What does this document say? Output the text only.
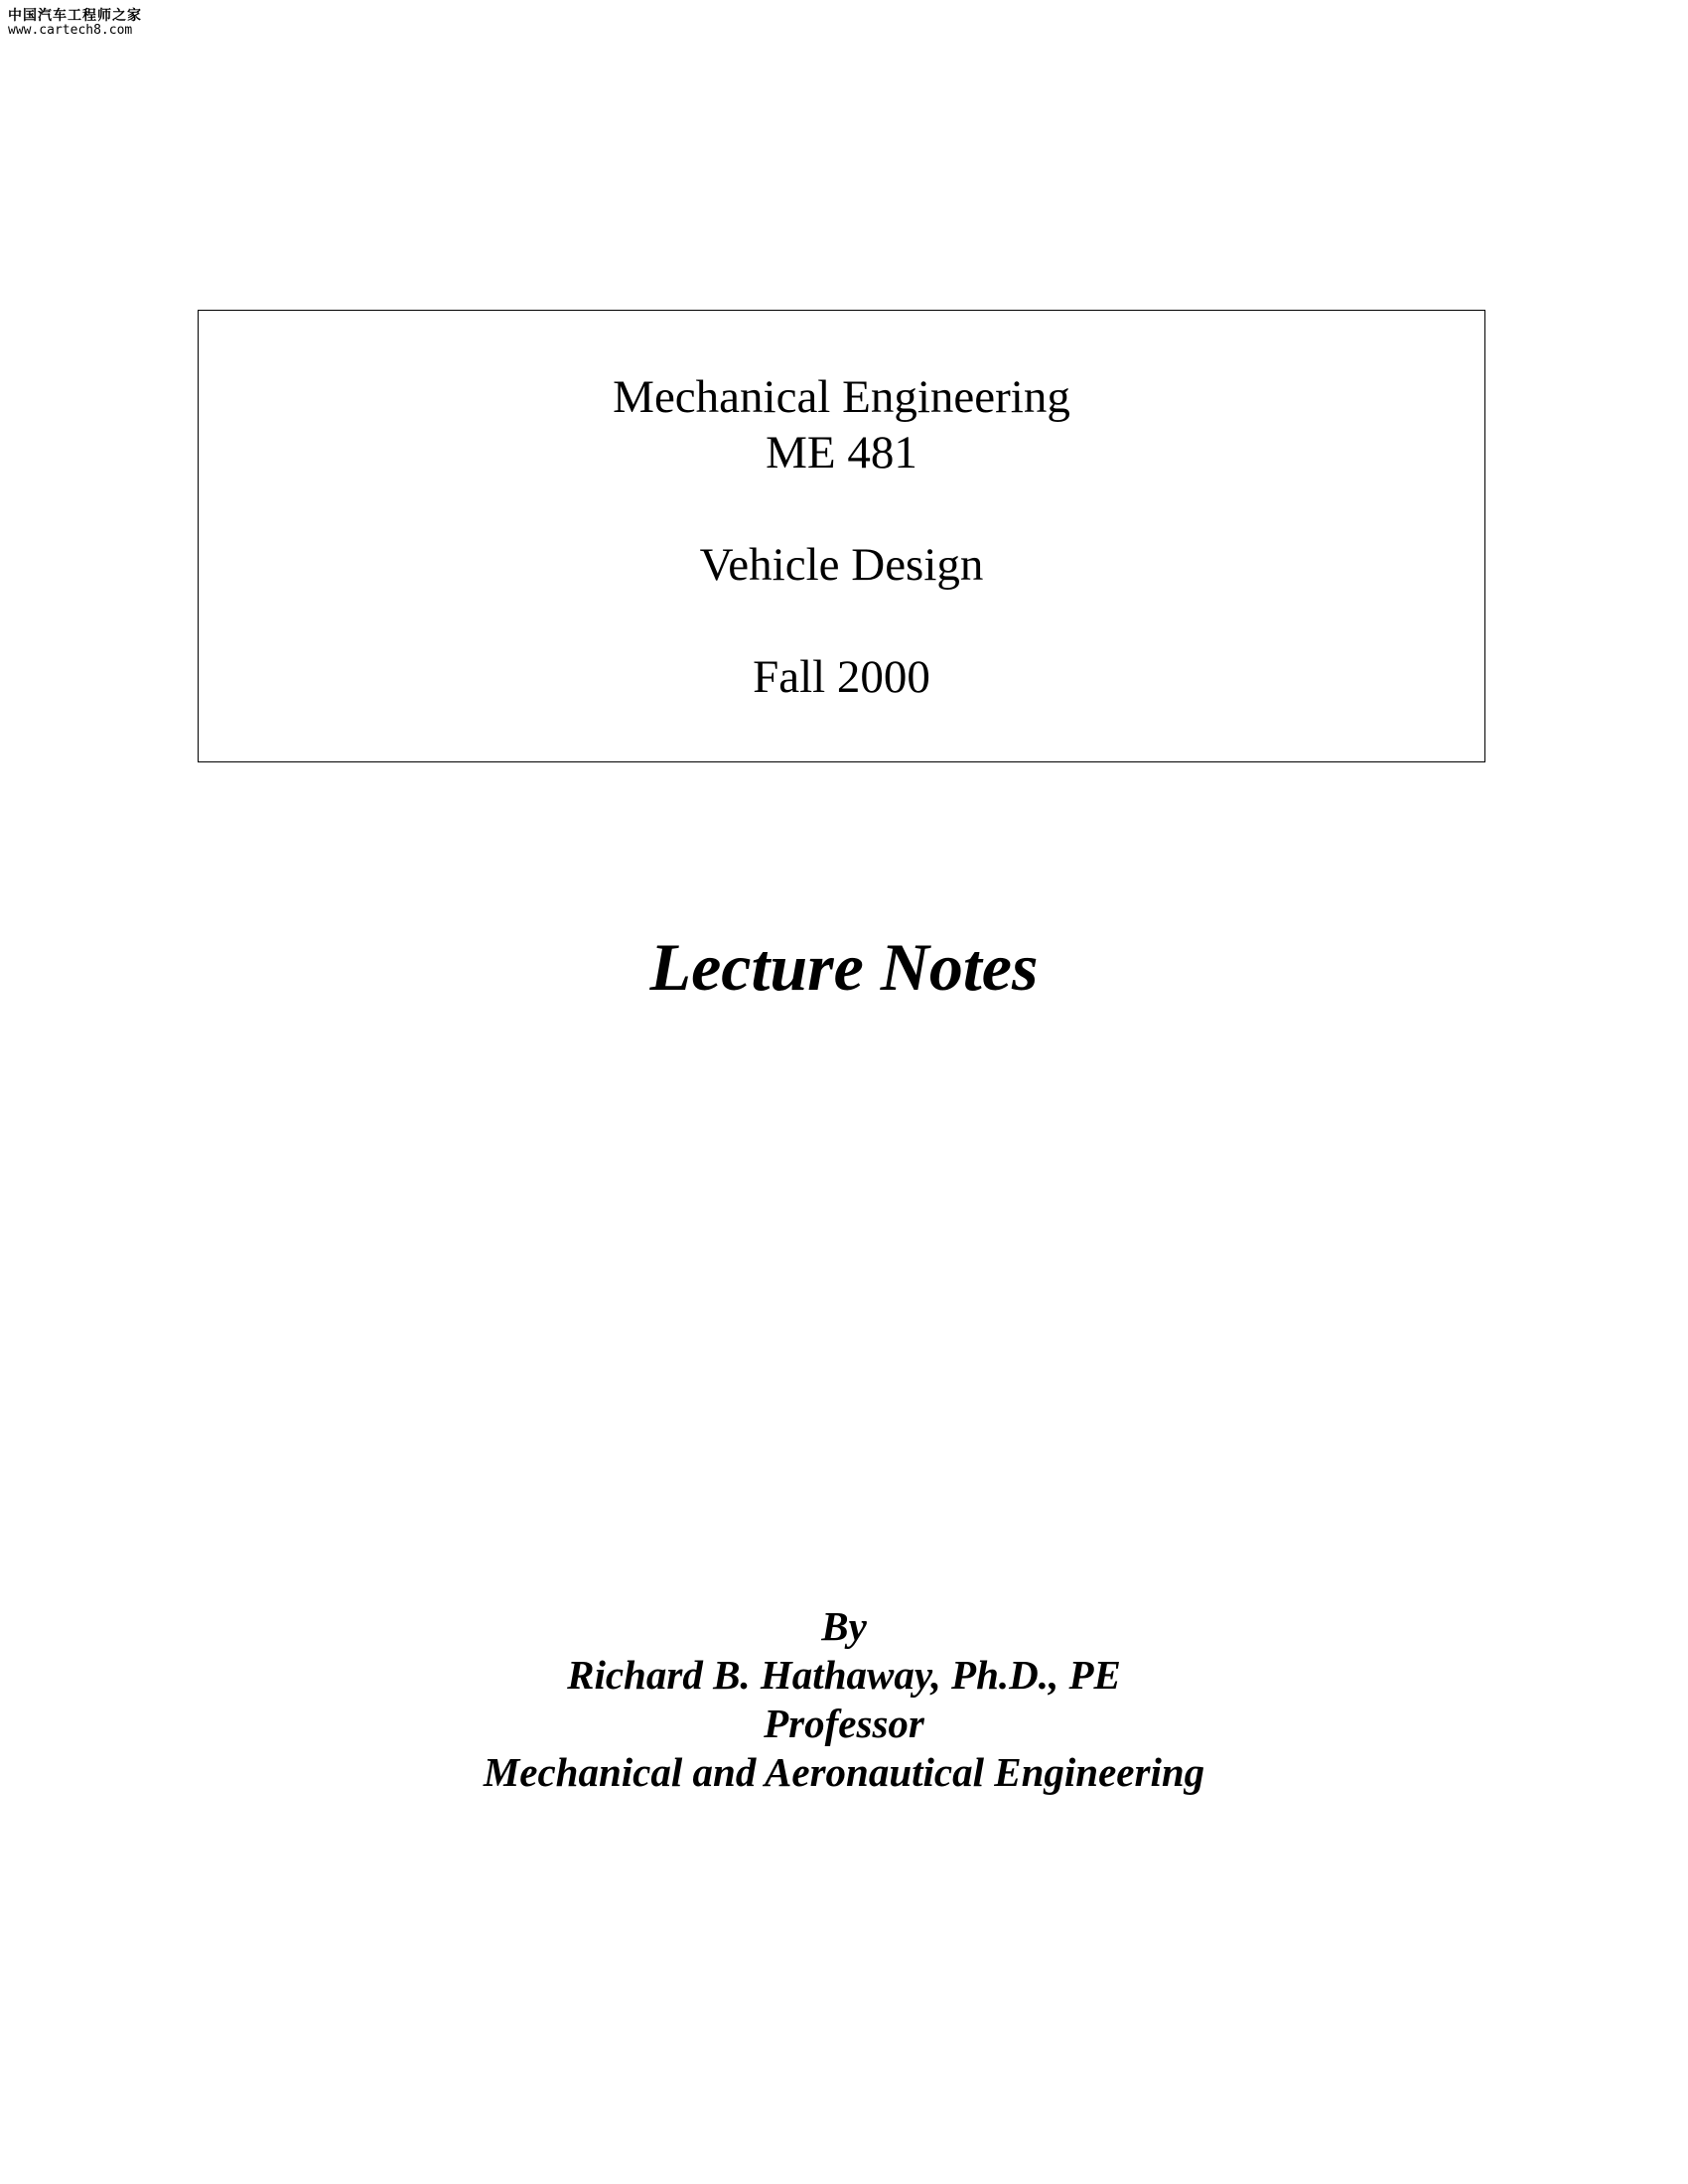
中国汽车工程师之家
www.cartech8.com
Mechanical Engineering
ME 481
Vehicle Design
Fall 2000
Lecture Notes
By
Richard B. Hathaway, Ph.D., PE
Professor
Mechanical and Aeronautical Engineering
